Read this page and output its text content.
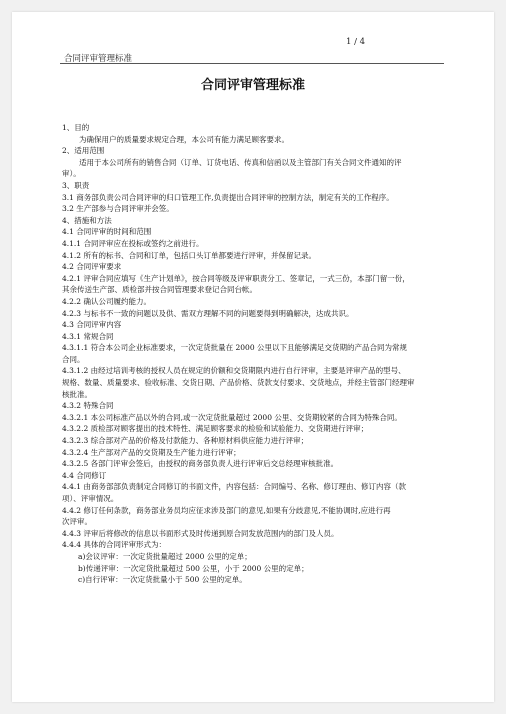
合同评审管理标准
1 / 4
合同评审管理标准

1、目的

为确保用户的质量要求规定合理，本公司有能力满足顾客要求。

2、适用范围

适用于本公司所有的销售合同（订单、订货电话、传真和信函以及主管部门有关合同文件通知的评

审）。

3、职责

3.1 商务部负责公司合同评审的归口管理工作,负责提出合同评审的控制方法，制定有关的工作程序。

3.2 生产部参与合同评审并会签。

4、措施和方法

4.1 合同评审的时间和范围

4.1.1 合同评审应在投标或签约之前进行。

4.1.2 所有的标书、合同和订单，包括口头订单都要进行评审，并保留记录。

4.2 合同评审要求

4.2.1 评审合同应填写《生产计划单》，按合同等级及评审职责分工、签章记，一式三份，本部门留一份，

其余传送生产部、质检部并按合同管理要求登记合同台帐。

4.2.2 确认公司履约能力。

4.2.3 与标书不一致的问题以及供、需双方理解不同的问题要得到明确解决，达成共识。

4.3 合同评审内容

4.3.1 常规合同

4.3.1.1 符合本公司企业标准要求，一次定货批量在 2000 公里以下且能够满足交货期的产品合同为常规

合同。

4.3.1.2 由经过培训考核的授权人员在规定的价额和交货期限内进行自行评审，主要是评审产品的型号、

规格、数量、质量要求、验收标准、交货日期、产品价格、货款支付要求、交货地点，并经主管部门经理审

核批准。

4.3.2 特殊合同

4.3.2.1 本公司标准产品以外的合同,或一次定货批量超过 2000 公里、交货期较紧的合同为特殊合同。

4.3.2.2 质检部对顾客提出的技术特性、满足顾客要求的检验和试验能力、交货期进行评审；

4.3.2.3 综合部对产品的价格及付款能力、各种原材料供应能力进行评审；

4.3.2.4 生产部对产品的交货期及生产能力进行评审；

4.3.2.5 各部门评审会签后，由授权的商务部负责人进行评审后交总经理审核批准。

4.4 合同修订

4.4.1 由商务部部负责制定合同修订的书面文件，内容包括：合同编号、名称、修订理由、修订内容（款

项）、评审情况。

4.4.2 修订任何条款，商务部业务员均应征求涉及部门的意见,如果有分歧意见,不能协调时,应进行再

次评审。

4.4.3 评审后将修改的信息以书面形式及时传递到原合同发放范围内的部门及人员。

4.4.4 具体的合同评审形式为：

a)会议评审：一次定货批量超过 2000 公里的定单；

b)传递评审：一次定货批量超过 500 公里，小于 2000 公里的定单；

c)自行评审：一次定货批量小于 500 公里的定单。
